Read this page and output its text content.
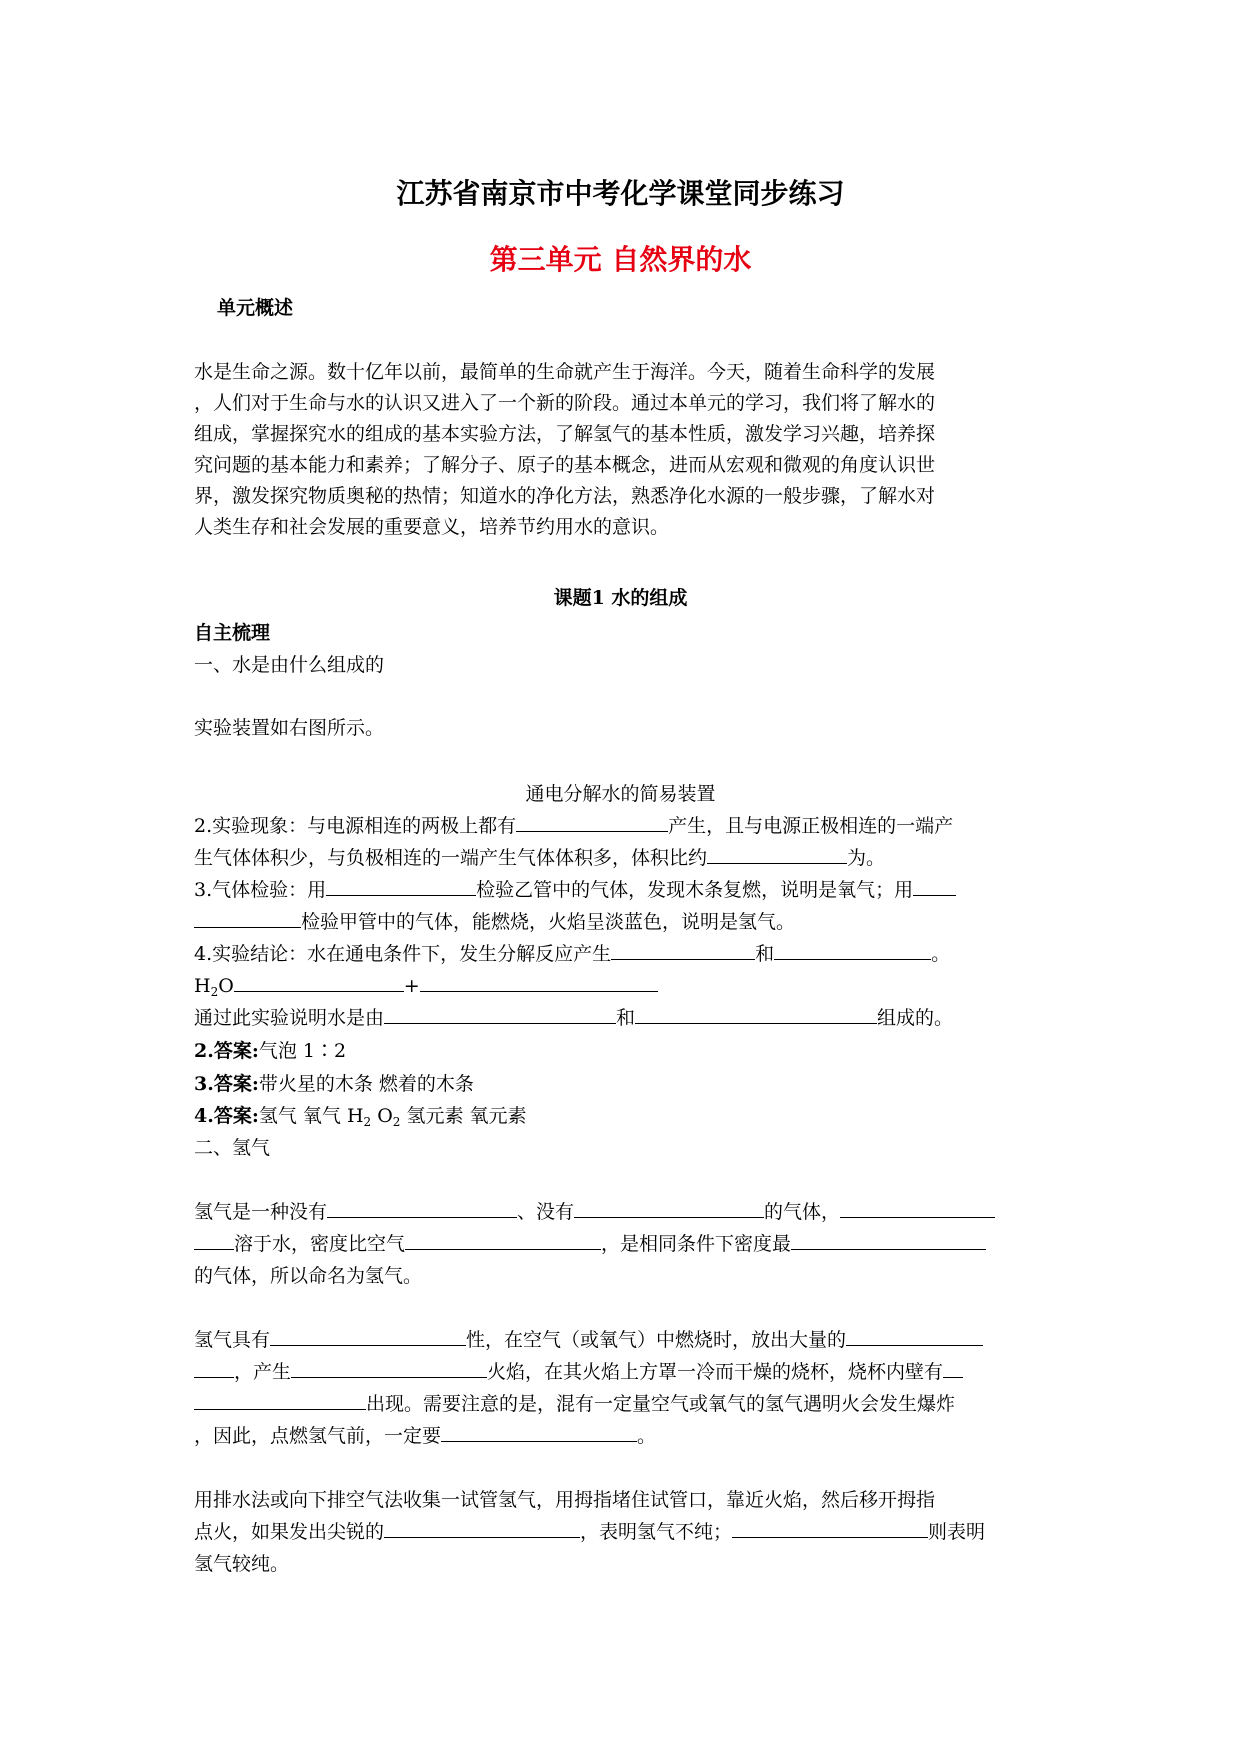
江苏省南京市中考化学课堂同步练习
第三单元 自然界的水
单元概述
水是生命之源。数十亿年以前，最简单的生命就产生于海洋。今天，随着生命科学的发展
，人们对于生命与水的认识又进入了一个新的阶段。通过本单元的学习，我们将了解水的
组成，掌握探究水的组成的基本实验方法，了解氢气的基本性质，激发学习兴趣，培养探
究问题的基本能力和素养；了解分子、原子的基本概念，进而从宏观和微观的角度认识世
界，激发探究物质奥秘的热情；知道水的净化方法，熟悉净化水源的一般步骤，了解水对
人类生存和社会发展的重要意义，培养节约用水的意识。
课题1 水的组成
自主梳理
一、水是由什么组成的
实验装置如右图所示。
通电分解水的简易装置
2.实验现象：与电源相连的两极上都有	产生，且与电源正极相连的一端产
生气体体积少，与负极相连的一端产生气体体积多，体积比约	为。
3.气体检验：用	检验乙管中的气体，发现木条复燃，说明是氧气；用
检验甲管中的气体，能燃烧，火焰呈淡蓝色，说明是氢气。
4.实验结论：水在通电条件下，发生分解反应产生	和	。
$H_2O$	+
通过此实验说明水是由	和	组成的。
2.答案:气泡 1∶2
3.答案:带火星的木条 燃着的木条
4.答案:氢气 氧气 $H_2$ $O_2$ 氢元素 氧元素
二、氢气
氢气是一种没有	、没有	的气体，
溶于水，密度比空气	，是相同条件下密度最
的气体，所以命名为氢气。
氢气具有	性，在空气（或氧气）中燃烧时，放出大量的
，产生	火焰，在其火焰上方罩一冷而干燥的烧杯，烧杯内壁有
出现。需要注意的是，混有一定量空气或氧气的氢气遇明火会发生爆炸
，因此，点燃氢气前，一定要	。
用排水法或向下排空气法收集一试管氢气，用拇指堵住试管口，靠近火焰，然后移开拇指
点火，如果发出尖锐的	，表明氢气不纯；	则表明
氢气较纯。
